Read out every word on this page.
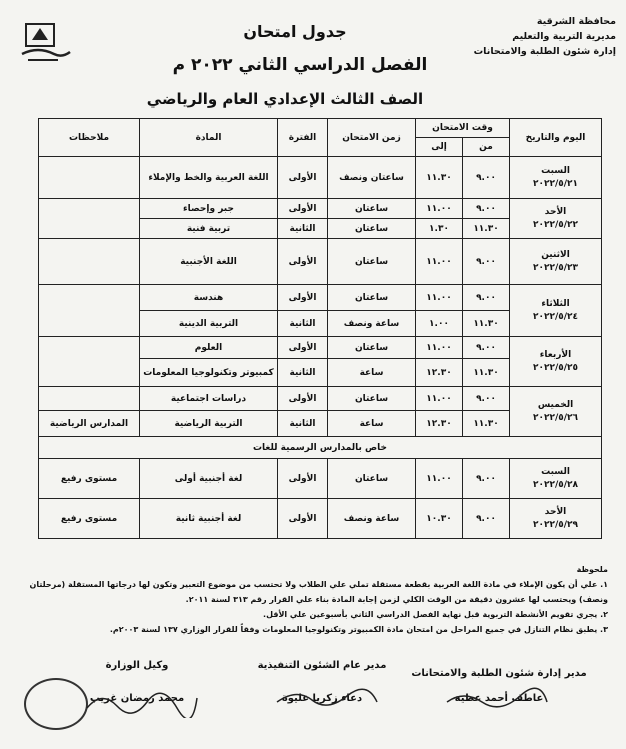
محافظة الشرقية
مديرية التربية والتعليم
إدارة شئون الطلبة والامتحانات
جدول امتحان
الفصل الدراسي الثاني ٢٠٢٢ م
الصف الثالث الإعدادي العام والرياضي
اليوم والتاريخ	وقت الامتحان		زمن الامتحان	الفترة	المادة	ملاحظات
	من	إلى				
السبت
٢٠٢٢/٥/٢١	٩.٠٠	١١.٣٠	ساعتان ونصف	الأولى	اللغة العربية والخط والإملاء	
الأحد
٢٠٢٢/٥/٢٢	٩.٠٠	١١.٠٠	ساعتان	الأولى	جبر وإحصاء	
	١١.٣٠	١.٣٠	ساعتان	الثانية	تربية فنية	
الاثنين
٢٠٢٢/٥/٢٣	٩.٠٠	١١.٠٠	ساعتان	الأولى	اللغة الأجنبية	
الثلاثاء
٢٠٢٢/٥/٢٤	٩.٠٠	١١.٠٠	ساعتان	الأولى	هندسة	
	١١.٣٠	١.٠٠	ساعة ونصف	الثانية	التربية الدينية	
الأربعاء
٢٠٢٢/٥/٢٥	٩.٠٠	١١.٠٠	ساعتان	الأولى	العلوم	
	١١.٣٠	١٢.٣٠	ساعة	الثانية	كمبيوتر وتكنولوجيا المعلومات	
الخميس
٢٠٢٢/٥/٢٦	٩.٠٠	١١.٠٠	ساعتان	الأولى	دراسات اجتماعية	
	١١.٣٠	١٢.٣٠	ساعة	الثانية	التربية الرياضية	المدارس الرياضية
خاص بالمدارس الرسمية للغات						
السبت
٢٠٢٢/٥/٢٨	٩.٠٠	١١.٠٠	ساعتان	الأولى	لغة أجنبية أولى	مستوى رفيع
الأحد
٢٠٢٢/٥/٢٩	٩.٠٠	١٠.٣٠	ساعة ونصف	الأولى	لغة أجنبية ثانية	مستوى رفيع

ملحوظة

١. علي أن يكون الإملاء في مادة اللغة العربية بقطعة مستقلة تملي علي الطلاب ولا تحتسب من موضوع التعبير وتكون لها درجاتها المستقلة (مرحلتان ونصف) ويحتسب لها عشرون دقيقة من الوقت الكلي لزمن إجابة المادة بناء علي القرار رقم ٣١٣ لسنة ٢٠١١.

٢. يجري تقويم الأنشطة التربوية قبل نهاية الفصل الدراسي الثاني بأسبوعين علي الأقل.

٣. يطبق نظام التنازل في جميع المراحل من امتحان مادة الكمبيوتر وتكنولوجيا المعلومات وفقاً للقرار الوزاري ١٣٧ لسنة ٢٠٠٣م.

مدير إدارة شئون الطلبة والامتحانات
عاطف أحمد عطية
مدير عام الشئون التنفيذية
دعاء زكريا عليوة
وكيل الوزارة
محمد رمضان غريب
